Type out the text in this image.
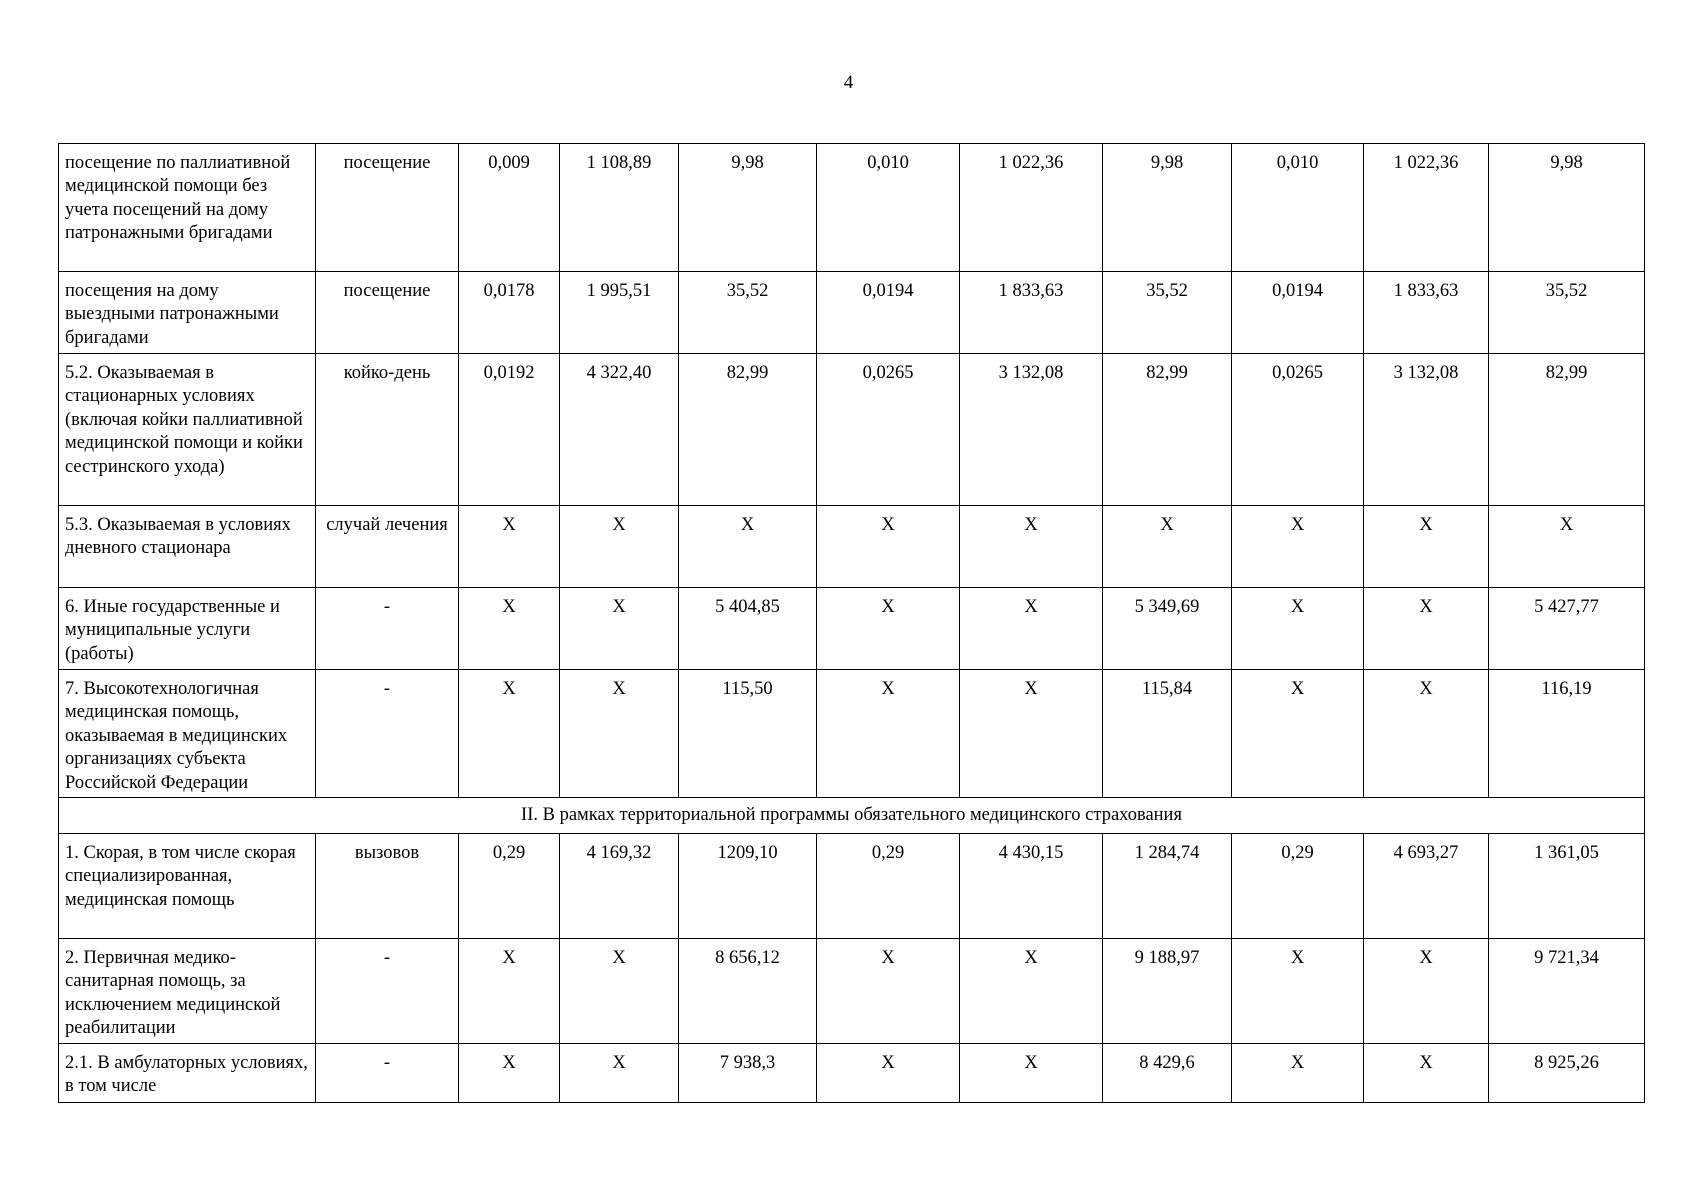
4
посещение по паллиативной медицинской помощи без учета посещений на дому патронажными бригадами	посещение	0,009	1 108,89	9,98	0,010	1 022,36	9,98	0,010	1 022,36	9,98
посещения на дому выездными патронажными бригадами	посещение	0,0178	1 995,51	35,52	0,0194	1 833,63	35,52	0,0194	1 833,63	35,52
5.2. Оказываемая в стационарных условиях (включая койки паллиативной медицинской помощи и койки сестринского ухода)	койко-день	0,0192	4 322,40	82,99	0,0265	3 132,08	82,99	0,0265	3 132,08	82,99
5.3. Оказываемая в условиях дневного стационара	случай лечения	X	X	X	X	X	X	X	X	X
6. Иные государственные и муниципальные услуги (работы)	-	X	X	5 404,85	X	X	5 349,69	X	X	5 427,77
7. Высокотехнологичная медицинская помощь, оказываемая в медицинских организациях субъекта Российской Федерации	-	X	X	115,50	X	X	115,84	X	X	116,19
II. В рамках территориальной программы обязательного медицинского страхования										
1. Скорая, в том числе скорая специализированная, медицинская помощь	вызовов	0,29	4 169,32	1209,10	0,29	4 430,15	1 284,74	0,29	4 693,27	1 361,05
2. Первичная медико-санитарная помощь, за исключением медицинской реабилитации	-	X	X	8 656,12	X	X	9 188,97	X	X	9 721,34
2.1. В амбулаторных условиях, в том числе	-	X	X	7 938,3	X	X	8 429,6	X	X	8 925,26
